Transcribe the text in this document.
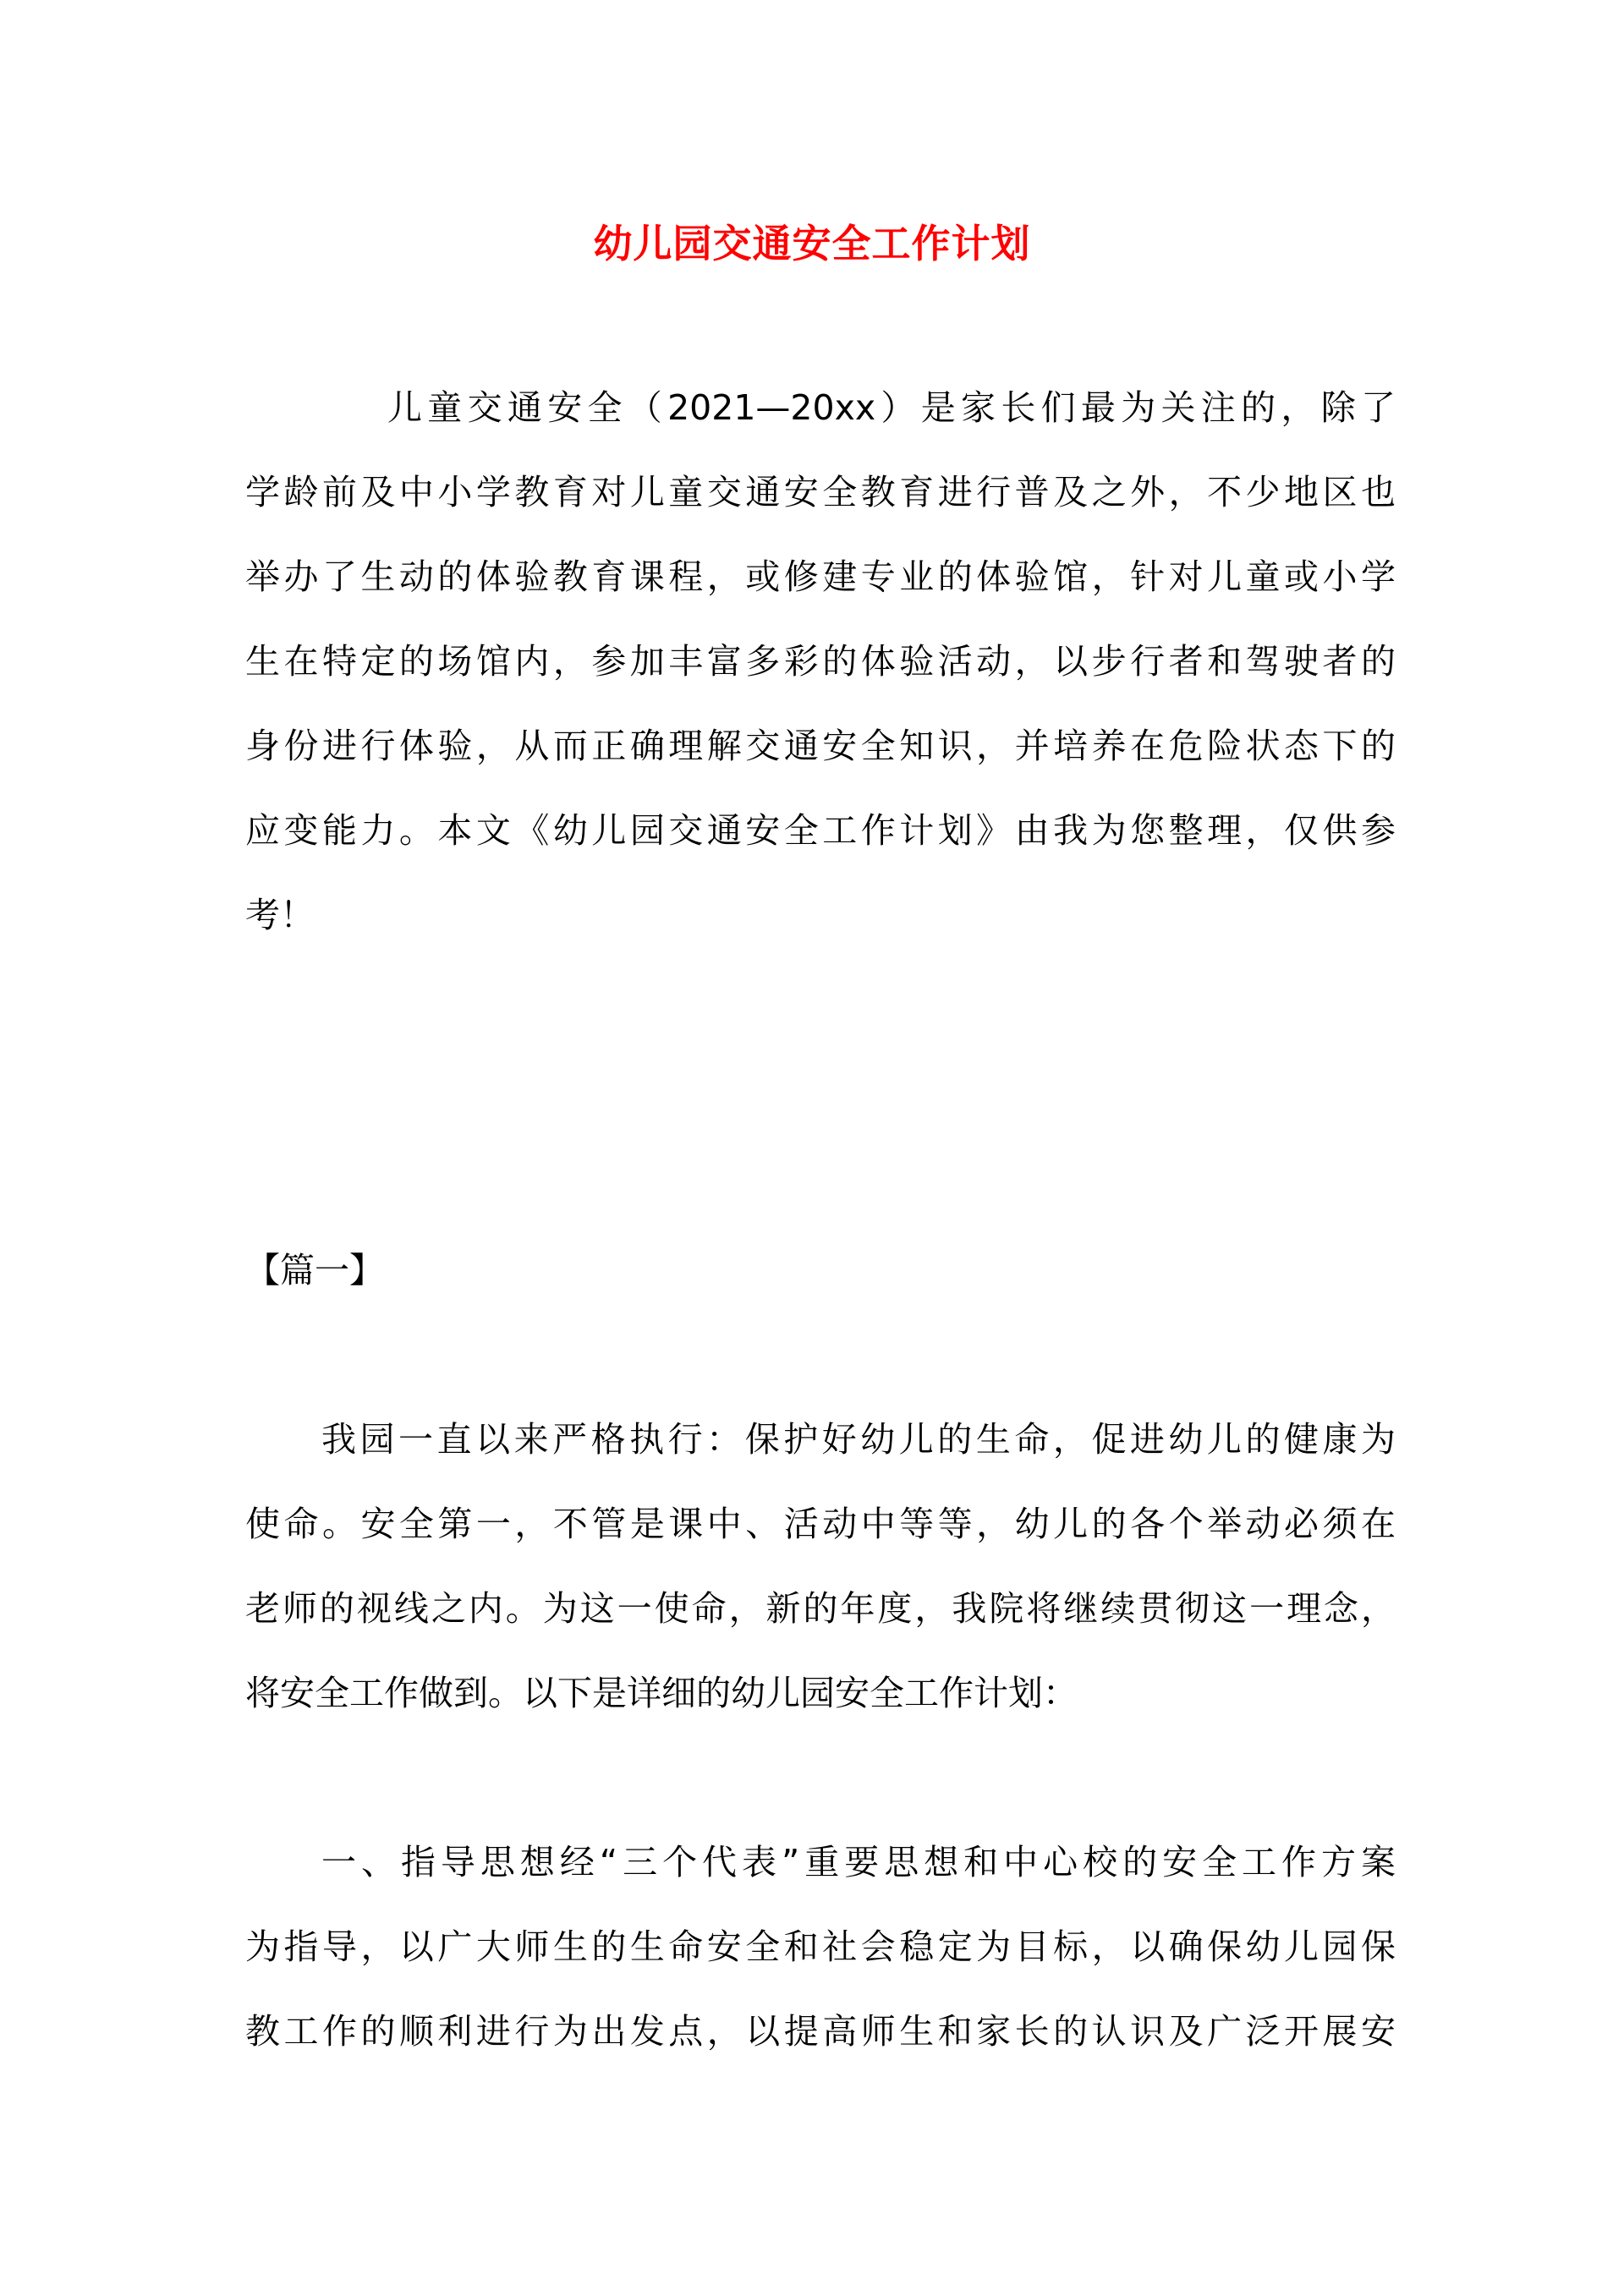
幼儿园交通安全工作计划
儿童交通安全（2021—20xx）是家长们最为关注的，除了
学龄前及中小学教育对儿童交通安全教育进行普及之外，不少地区也
举办了生动的体验教育课程，或修建专业的体验馆，针对儿童或小学
生在特定的场馆内，参加丰富多彩的体验活动，以步行者和驾驶者的
身份进行体验，从而正确理解交通安全知识，并培养在危险状态下的
应变能力。本文《幼儿园交通安全工作计划》由我为您整理，仅供参
考！
【篇一】
我园一直以来严格执行：保护好幼儿的生命，促进幼儿的健康为
使命。安全第一，不管是课中、活动中等等，幼儿的各个举动必须在
老师的视线之内。为这一使命，新的年度，我院将继续贯彻这一理念，
将安全工作做到。以下是详细的幼儿园安全工作计划：
一、指导思想经“三个代表”重要思想和中心校的安全工作方案
为指导，以广大师生的生命安全和社会稳定为目标，以确保幼儿园保
教工作的顺利进行为出发点，以提高师生和家长的认识及广泛开展安
